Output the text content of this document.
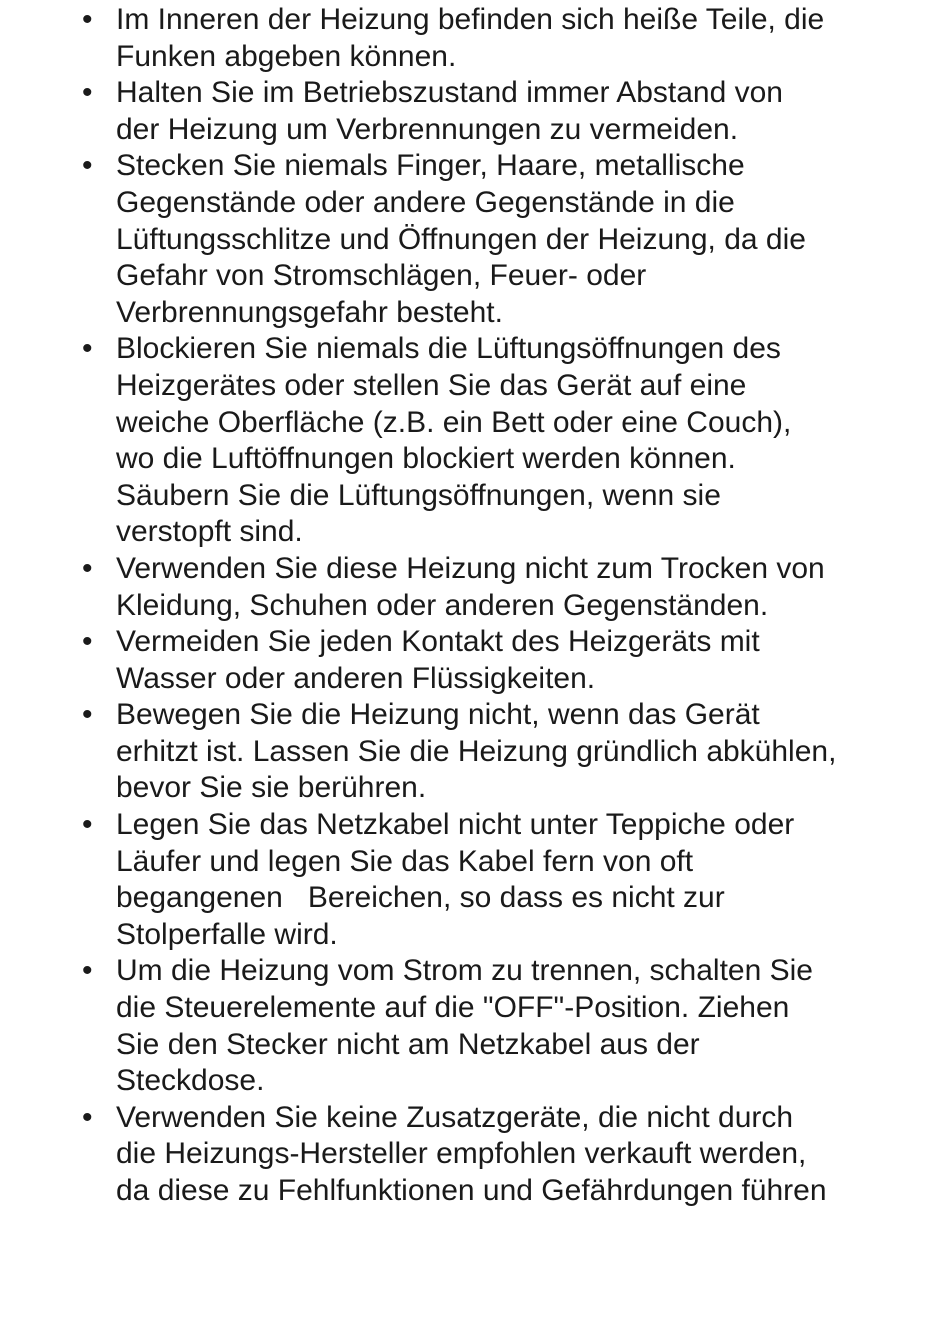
• Im Inneren der Heizung befinden sich heiße Teile, die
Funken abgeben können.
• Halten Sie im Betriebszustand immer Abstand von
der Heizung um Verbrennungen zu vermeiden.
• Stecken Sie niemals Finger, Haare, metallische
Gegenstände oder andere Gegenstände in die
Lüftungsschlitze und Öffnungen der Heizung, da die
Gefahr von Stromschlägen, Feuer- oder
Verbrennungsgefahr besteht.
• Blockieren Sie niemals die Lüftungsöffnungen des
Heizgerätes oder stellen Sie das Gerät auf eine
weiche Oberfläche (z.B. ein Bett oder eine Couch),
wo die Luftöffnungen blockiert werden können.
Säubern Sie die Lüftungsöffnungen, wenn sie
verstopft sind.
• Verwenden Sie diese Heizung nicht zum Trocken von
Kleidung, Schuhen oder anderen Gegenständen.
• Vermeiden Sie jeden Kontakt des Heizgeräts mit
Wasser oder anderen Flüssigkeiten.
• Bewegen Sie die Heizung nicht, wenn das Gerät
erhitzt ist. Lassen Sie die Heizung gründlich abkühlen,
bevor Sie sie berühren.
• Legen Sie das Netzkabel nicht unter Teppiche oder
Läufer und legen Sie das Kabel fern von oft
begangenen   Bereichen, so dass es nicht zur
Stolperfalle wird.
• Um die Heizung vom Strom zu trennen, schalten Sie
die Steuerelemente auf die "OFF"-Position. Ziehen
Sie den Stecker nicht am Netzkabel aus der
Steckdose.
• Verwenden Sie keine Zusatzgeräte, die nicht durch
die Heizungs-Hersteller empfohlen verkauft werden,
da diese zu Fehlfunktionen und Gefährdungen führen
